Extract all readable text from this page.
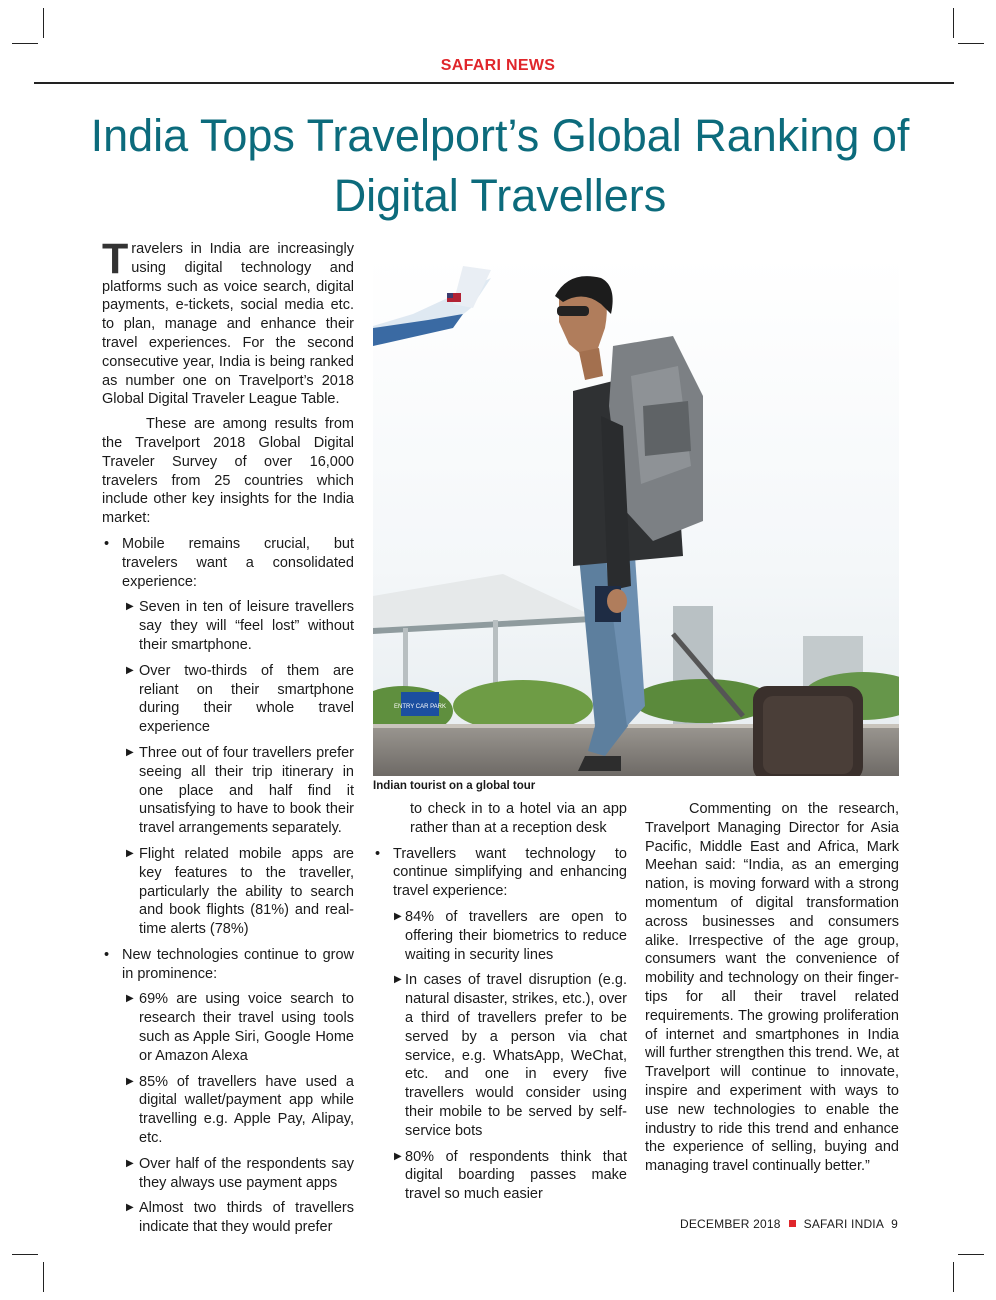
SAFARI NEWS
India Tops Travelport’s Global Ranking of Digital Travellers

Travelers in India are increasingly using digital technology and platforms such as voice search, digital payments, e-tickets, social media etc. to plan, manage and enhance their travel experiences. For the second consecutive year, India is being ranked as number one on Travelport’s 2018 Global Digital Traveler League Table.

These are among results from the Travelport 2018 Global Digital Traveler Survey of over 16,000 travelers from 25 countries which include other key insights for the India market:

• Mobile remains crucial, but travelers want a consolidated experience:
▶ Seven in ten of leisure travellers say they will “feel lost” without their smartphone.
▶ Over two-thirds of them are reliant on their smartphone during their whole travel experience
▶ Three out of four travellers prefer seeing all their trip itinerary in one place and half find it unsatisfying to have to book their travel arrangements separately.
▶ Flight related mobile apps are key features to the traveller, particularly the ability to search and book flights (81%) and real-time alerts (78%)
• New technologies continue to grow in prominence:
▶ 69% are using voice search to research their travel using tools such as Apple Siri, Google Home or Amazon Alexa
▶ 85% of travellers have used a digital wallet/payment app while travelling e.g. Apple Pay, Alipay, etc.
▶ Over half of the respondents say they always use payment apps
▶ Almost two thirds of travellers indicate that they would prefer
ENTRY CAR PARK
Indian tourist on a global tour

to check in to a hotel via an app rather than at a reception desk

• Travellers want technology to continue simplifying and enhancing travel experience:
▶ 84% of travellers are open to offering their biometrics to reduce waiting in security lines
▶ In cases of travel disruption (e.g. natural disaster, strikes, etc.), over a third of travellers prefer to be served by a person via chat service, e.g. WhatsApp, WeChat, etc. and one in every five travellers would consider using their mobile to be served by self-service bots
▶ 80% of respondents think that digital boarding passes make travel so much easier

Commenting on the research, Travelport Managing Director for Asia Pacific, Middle East and Africa, Mark Meehan said: “India, as an emerging nation, is moving forward with a strong momentum of digital transformation across businesses and consumers alike. Irrespective of the age group, consumers want the convenience of mobility and technology on their finger-tips for all their travel related requirements. The growing proliferation of internet and smartphones in India will further strengthen this trend. We, at Travelport will continue to innovate, inspire and experiment with ways to use new technologies to enable the industry to ride this trend and enhance the experience of selling, buying and managing travel continually better.”

DECEMBER 2018 SAFARI INDIA 9
